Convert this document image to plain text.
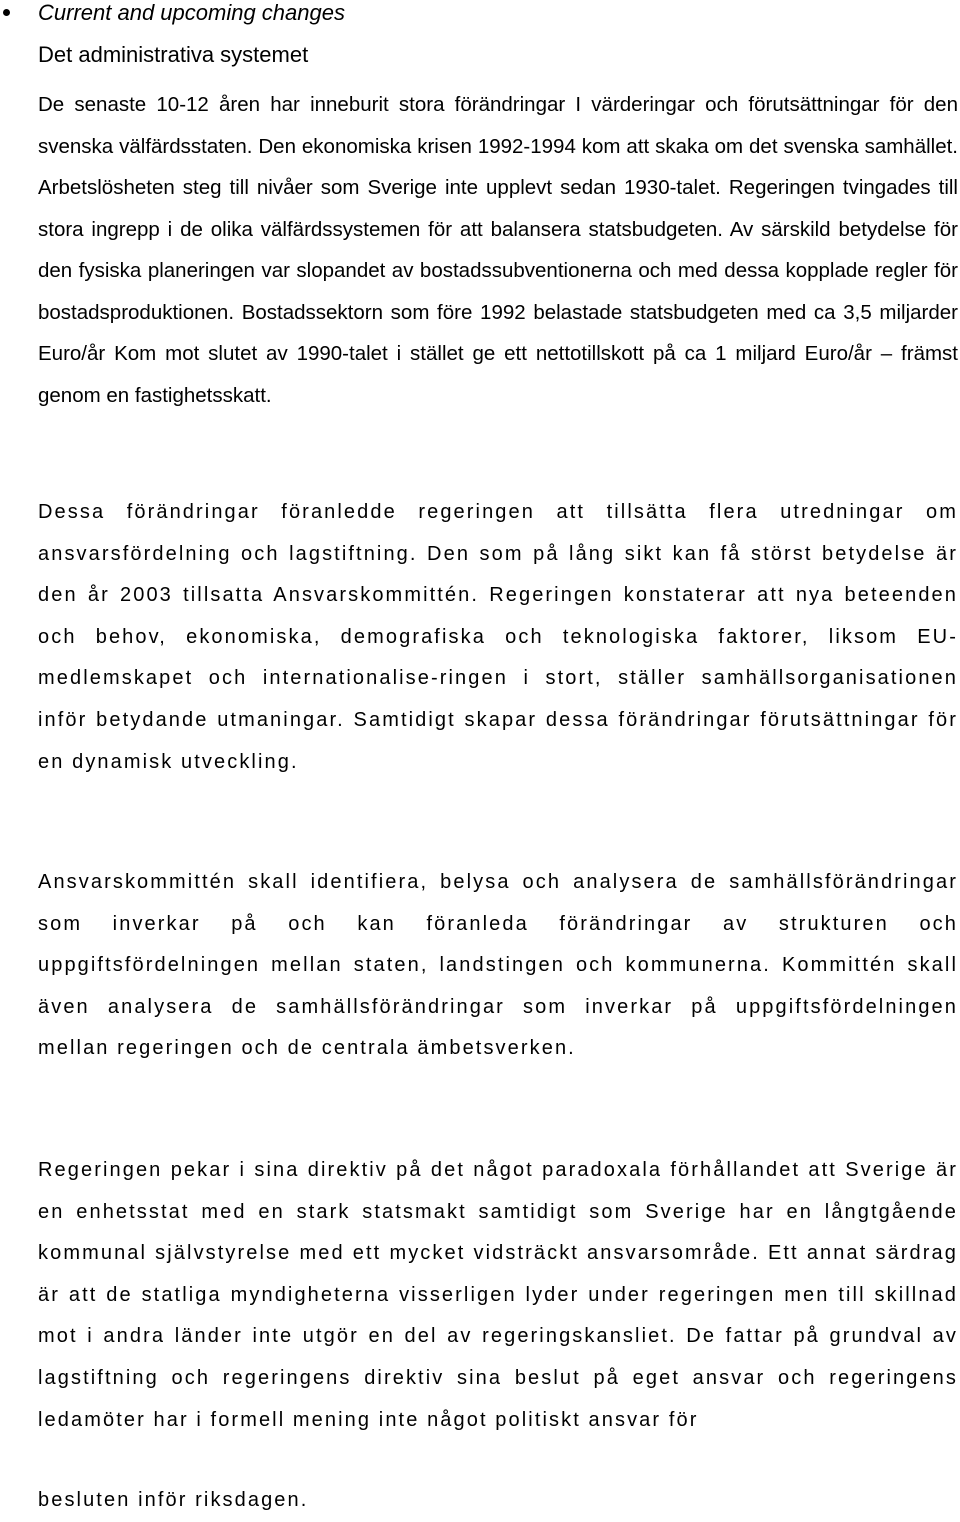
Current and upcoming changes
Det administrativa systemet

De senaste 10-12 åren har inneburit stora förändringar I värderingar och förutsättningar för den svenska välfärdsstaten. Den ekonomiska krisen 1992-1994 kom att skaka om det svenska samhället. Arbetslösheten steg till nivåer som Sverige inte upplevt sedan 1930-talet. Regeringen tvingades till stora ingrepp i de olika välfärdssystemen för att balansera statsbudgeten. Av särskild betydelse för den fysiska planeringen var slopandet av bostadssubventionerna och med dessa kopplade regler för bostadsproduktionen. Bostadssektorn som före 1992 belastade statsbudgeten med ca 3,5 miljarder Euro/år Kom mot slutet av 1990-talet i stället ge ett nettotillskott på ca 1 miljard Euro/år – främst genom en fastighetsskatt.

Dessa förändringar föranledde regeringen att tillsätta flera utredningar om ansvarsfördelning och lagstiftning. Den som på lång sikt kan få störst betydelse är den år 2003 tillsatta Ansvarskommittén. Regeringen konstaterar att nya beteenden och behov, ekonomiska, demografiska och teknologiska faktorer, liksom EU-medlemskapet och internationalise-ringen i stort, ställer samhällsorganisationen inför betydande utmaningar. Samtidigt skapar dessa förändringar förutsättningar för en dynamisk utveckling.

Ansvarskommittén skall identifiera, belysa och analysera de samhällsförändringar som inverkar på och kan föranleda förändringar av strukturen och uppgiftsfördelningen mellan staten, landstingen och kommunerna. Kommittén skall även analysera de samhällsförändringar som inverkar på uppgiftsfördelningen mellan regeringen och de centrala ämbetsverken.

Regeringen pekar i sina direktiv på det något paradoxala förhållandet att Sverige är en enhetsstat med en stark statsmakt samtidigt som Sverige har en långtgående kommunal självstyrelse med ett mycket vidsträckt ansvarsområde. Ett annat särdrag är att de statliga myndigheterna visserligen lyder under regeringen men till skillnad mot i andra länder inte utgör en del av regeringskansliet. De fattar på grundval av lagstiftning och regeringens direktiv sina beslut på eget ansvar och regeringens ledamöter har i formell mening inte något politiskt ansvar för

besluten inför riksdagen.
